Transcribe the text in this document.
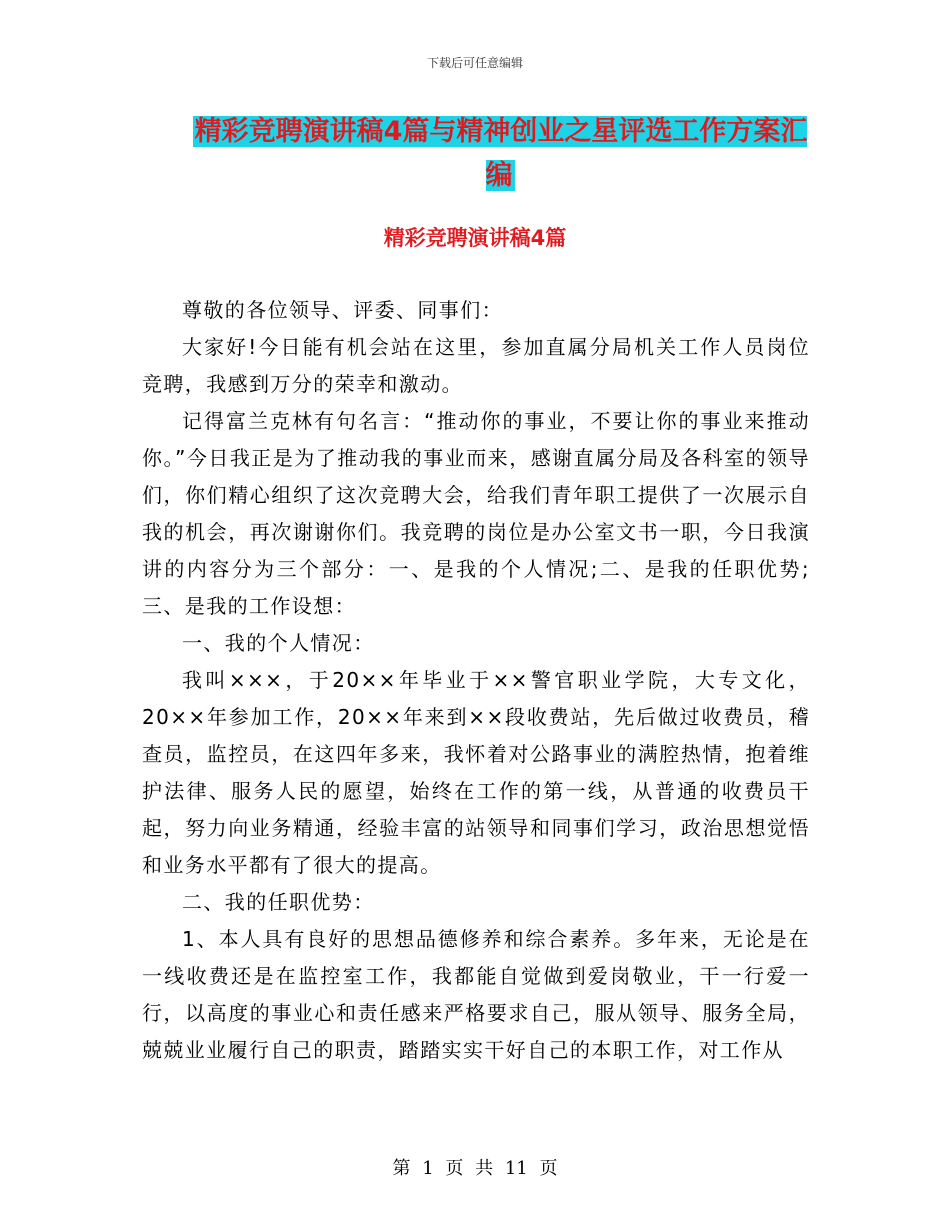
下载后可任意编辑
精彩竞聘演讲稿4篇与精神创业之星评选工作方案汇编
精彩竞聘演讲稿4篇

尊敬的各位领导、评委、同事们：

大家好!今日能有机会站在这里，参加直属分局机关工作人员岗位竞聘，我感到万分的荣幸和激动。

记得富兰克林有句名言：“推动你的事业，不要让你的事业来推动你。”今日我正是为了推动我的事业而来，感谢直属分局及各科室的领导们，你们精心组织了这次竞聘大会，给我们青年职工提供了一次展示自我的机会，再次谢谢你们。我竞聘的岗位是办公室文书一职，今日我演讲的内容分为三个部分：一、是我的个人情况;二、是我的任职优势;三、是我的工作设想：

一、我的个人情况：

我叫×××，于20××年毕业于××警官职业学院，大专文化，20××年参加工作，20××年来到××段收费站，先后做过收费员，稽查员，监控员，在这四年多来，我怀着对公路事业的满腔热情，抱着维护法律、服务人民的愿望，始终在工作的第一线，从普通的收费员干起，努力向业务精通，经验丰富的站领导和同事们学习，政治思想觉悟和业务水平都有了很大的提高。

二、我的任职优势：

1、本人具有良好的思想品德修养和综合素养。多年来，无论是在一线收费还是在监控室工作，我都能自觉做到爱岗敬业，干一行爱一行，以高度的事业心和责任感来严格要求自己，服从领导、服务全局，兢兢业业履行自己的职责，踏踏实实干好自己的本职工作，对工作从

第 1 页 共 11 页
